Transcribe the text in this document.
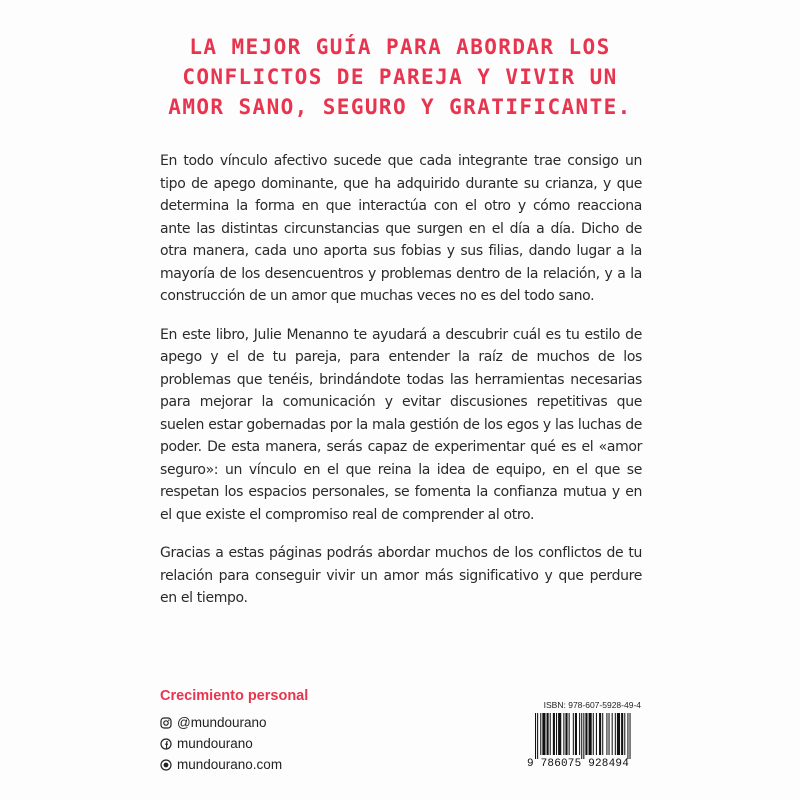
LA MEJOR GUÍA PARA ABORDAR LOS
CONFLICTOS DE PAREJA Y VIVIR UN
AMOR SANO, SEGURO Y GRATIFICANTE.

En todo vínculo afectivo sucede que cada integrante trae consigo un tipo de apego dominante, que ha adquirido durante su crianza, y que determina la forma en que interactúa con el otro y cómo reacciona ante las distintas circunstancias que surgen en el día a día. Dicho de otra manera, cada uno aporta sus fobias y sus filias, dando lugar a la mayoría de los desencuentros y problemas dentro de la relación, y a la construcción de un amor que muchas veces no es del todo sano.

En este libro, Julie Menanno te ayudará a descubrir cuál es tu estilo de apego y el de tu pareja, para entender la raíz de muchos de los problemas que tenéis, brindándote todas las herramientas necesarias para mejorar la comunicación y evitar discusiones repetitivas que suelen estar gobernadas por la mala gestión de los egos y las luchas de poder. De esta manera, serás capaz de experimentar qué es el «amor seguro»: un vínculo en el que reina la idea de equipo, en el que se respetan los espacios personales, se fomenta la confianza mutua y en el que existe el compromiso real de comprender al otro.

Gracias a estas páginas podrás abordar muchos de los conflictos de tu relación para conseguir vivir un amor más significativo y que perdure en el tiempo.

Crecimiento personal
@mundourano
mundourano
mundourano.com
ISBN: 978-607-5928-49-4
9 786075 928494
